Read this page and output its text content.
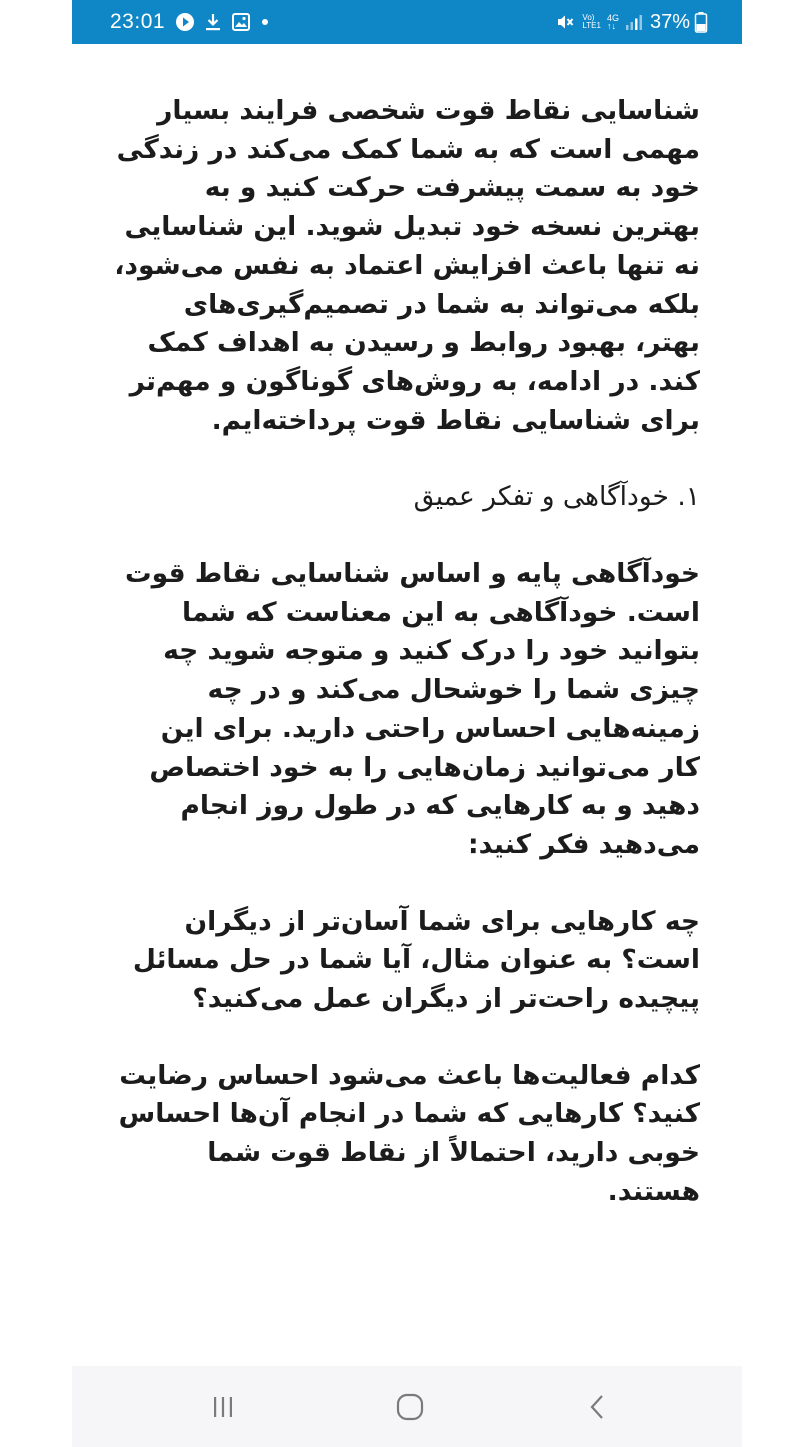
23:01	Vo)
LTE1
4G
↑↓ 37%

شناسایی نقاط قوت شخصی فرایند بسیار مهمی است که به شما کمک می‌کند در زندگی خود به سمت پیشرفت حرکت کنید و به بهترین نسخه خود تبدیل شوید. این شناسایی نه تنها باعث افزایش اعتماد به نفس می‌شود، بلکه می‌تواند به شما در تصمیم‌گیری‌های بهتر، بهبود روابط و رسیدن به اهداف کمک کند. در ادامه، به روش‌های گوناگون و مهم‌تر برای شناسایی نقاط قوت پرداخته‌ایم.

۱. خودآگاهی و تفکر عمیق

خودآگاهی پایه و اساس شناسایی نقاط قوت است. خودآگاهی به این معناست که شما بتوانید خود را درک کنید و متوجه شوید چه چیزی شما را خوشحال می‌کند و در چه زمینه‌هایی احساس راحتی دارید. برای این کار می‌توانید زمان‌هایی را به خود اختصاص دهید و به کارهایی که در طول روز انجام می‌دهید فکر کنید:

چه کارهایی برای شما آسان‌تر از دیگران است؟ به عنوان مثال، آیا شما در حل مسائل پیچیده راحت‌تر از دیگران عمل می‌کنید؟

کدام فعالیت‌ها باعث می‌شود احساس رضایت کنید؟ کارهایی که شما در انجام آن‌ها احساس خوبی دارید، احتمالاً از نقاط قوت شما هستند.
